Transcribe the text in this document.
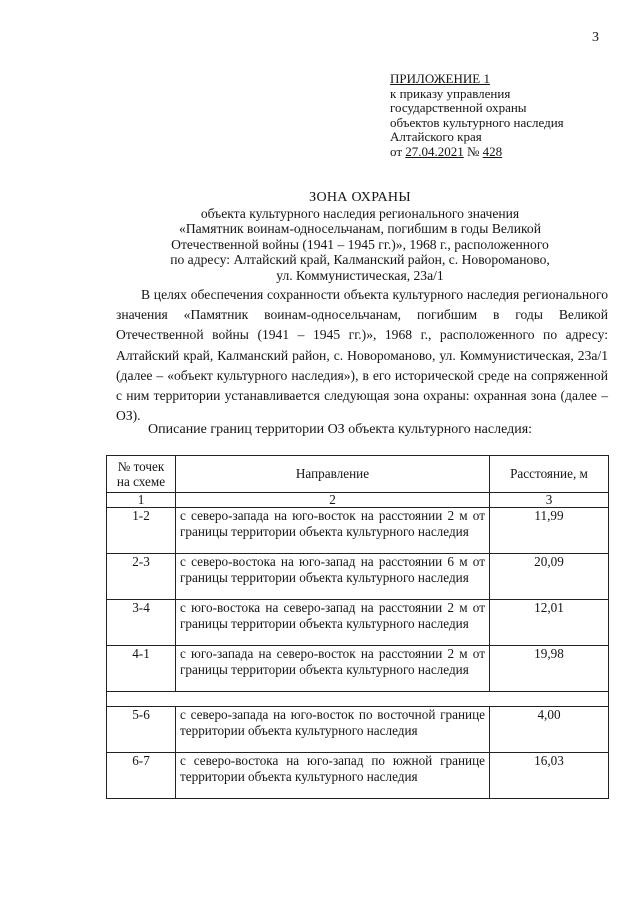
3
ПРИЛОЖЕНИЕ 1
к приказу управления
государственной охраны
объектов культурного наследия
Алтайского края
от 27.04.2021 № 428
ЗОНА ОХРАНЫ
объекта культурного наследия регионального значения
«Памятник воинам-односельчанам, погибшим в годы Великой
Отечественной войны (1941 – 1945 гг.)», 1968 г., расположенного
по адресу: Алтайский край, Калманский район, с. Новороманово,
ул. Коммунистическая, 23а/1
В целях обеспечения сохранности объекта культурного наследия регионального значения «Памятник воинам-односельчанам, погибшим в годы Великой Отечественной войны (1941 – 1945 гг.)», 1968 г., расположенного по адресу: Алтайский край, Калманский район, с. Новороманово, ул. Коммунистическая, 23а/1 (далее – «объект культурного наследия»), в его исторической среде на сопряженной с ним территории устанавливается следующая зона охраны: охранная зона (далее – ОЗ).
Описание границ территории ОЗ объекта культурного наследия:
№ точек на схеме	Направление	Расстояние, м
1	2	3
1-2	с северо-запада на юго-восток на расстоянии 2 м от границы территории объекта культурного наследия	11,99
2-3	с северо-востока на юго-запад на расстоянии 6 м от границы территории объекта культурного наследия	20,09
3-4	с юго-востока на северо-запад на расстоянии 2 м от границы территории объекта культурного наследия	12,01
4-1	с юго-запада на северо-восток на расстоянии 2 м от границы территории объекта культурного наследия	19,98

5-6	с северо-запада на юго-восток по восточной границе территории объекта культурного наследия	4,00
6-7	с северо-востока на юго-запад по южной границе территории объекта культурного наследия	16,03
